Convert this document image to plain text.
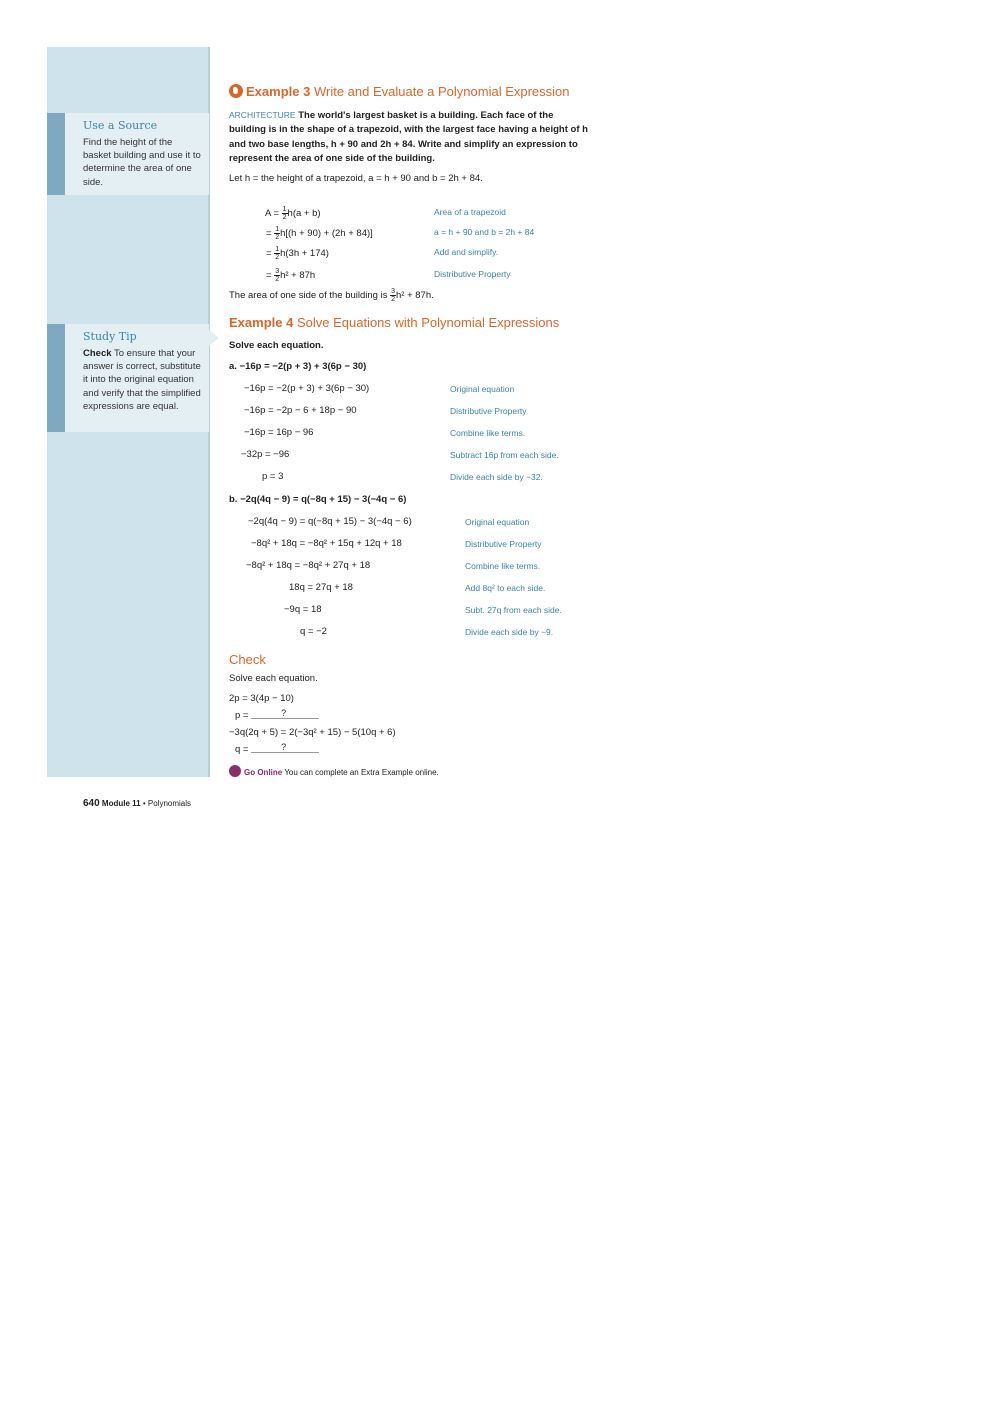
Use a Source
Find the height of the basket building and use it to determine the area of one side.
Study Tip
Check To ensure that your answer is correct, substitute it into the original equation and verify that the simplified expressions are equal.
Example 3 Write and Evaluate a Polynomial Expression
ARCHITECTURE The world's largest basket is a building. Each face of the building is in the shape of a trapezoid, with the largest face having a height of h and two base lengths, h + 90 and 2h + 84. Write and simplify an expression to represent the area of one side of the building.
Let h = the height of a trapezoid, a = h + 90 and b = 2h + 84.
$A = \frac{1}{2} h(a + b)$	Area of a trapezoid
= $\frac{1}{2} h[(h + 90) + (2h + 84)]$	a = h + 90 and b = 2h + 84
= $\frac{1}{2} h(3h + 174)$	Add and simplify.
= $\frac{3}{2} h^2 + 87h$	Distributive Property
The area of one side of the building is $\frac{3}{2} h^2 + 87h$.
Example 4 Solve Equations with Polynomial Expressions
Solve each equation.
a. −16p = −2(p + 3) + 3(6p − 30)
−16p = −2(p + 3) + 3(6p − 30)	Original equation
−16p = −2p − 6 + 18p − 90	Distributive Property
−16p = 16p − 96	Combine like terms.
−32p = −96	Subtract 16p from each side.
p = 3	Divide each side by −32.
b. −2q(4q − 9) = q(−8q + 15) − 3(−4q − 6)
−2q(4q − 9) = q(−8q + 15) − 3(−4q − 6)	Original equation
−8q² + 18q = −8q² + 15q + 12q + 18	Distributive Property
−8q² + 18q = −8q² + 27q + 18	Combine like terms.
18q = 27q + 18	Add 8q² to each side.
−9q = 18	Subt. 27q from each side.
q = −2	Divide each side by −9.
Check
Solve each equation.
2p = 3(4p − 10)
p =	?
−3q(2q + 5) = 2(−3q² + 15) − 5(10q + 6)
q =	?
Go Online You can complete an Extra Example online.
640 Module 11 • Polynomials
